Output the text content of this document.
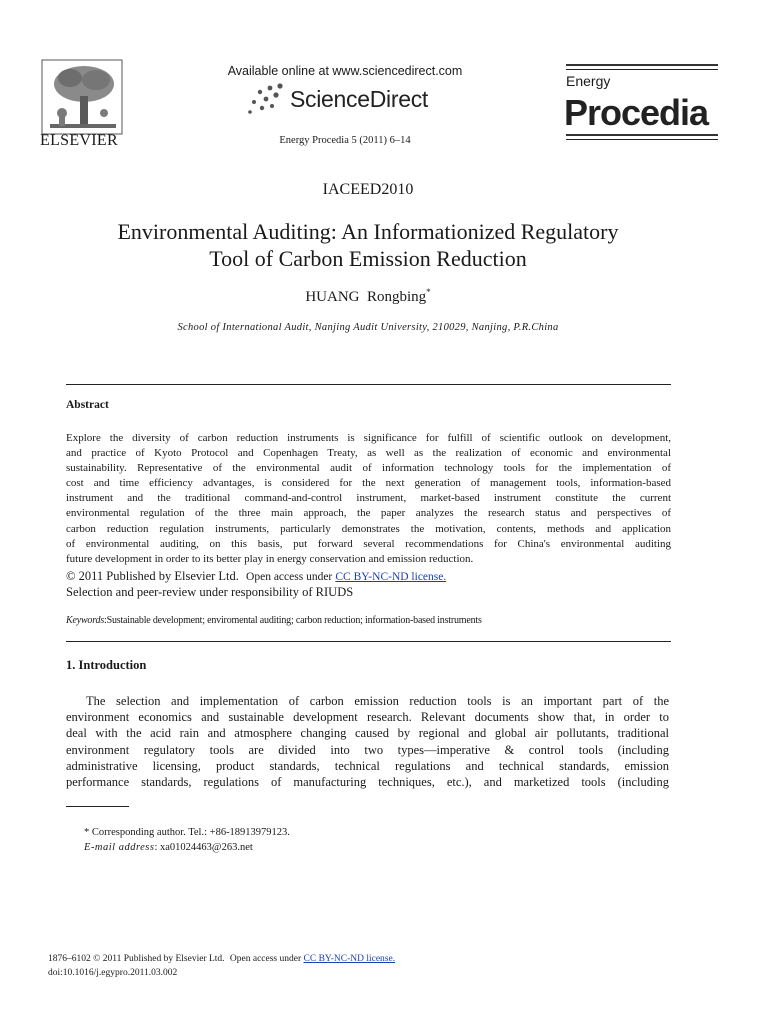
ELSEVIER
Available online at www.sciencedirect.com
ScienceDirect
Energy Procedia 5 (2011) 6–14
Energy
Procedia
IACEED2010
Environmental Auditing: An Informationized Regulatory
Tool of Carbon Emission Reduction
HUANG  Rongbing*
School of International Audit, Nanjing Audit University, 210029, Nanjing, P.R.China
Abstract
Explore the diversity of carbon reduction instruments is significance for fulfill of scientific outlook on development,
and practice of Kyoto Protocol and Copenhagen Treaty, as well as the realization of economic and environmental
sustainability. Representative of the environmental audit of information technology tools for the implementation of
cost and time efficiency advantages, is considered for the next generation of management tools, information-based
instrument and the traditional command-and-control instrument, market-based instrument constitute the current
environmental regulation of the three main approach, the paper analyzes the research status and perspectives of
carbon reduction regulation instruments, particularly demonstrates the motivation, contents, methods and application
of environmental auditing, on this basis, put forward several recommendations for China's environmental auditing
future development in order to its better play in energy conservation and emission reduction.
© 2011 Published by Elsevier Ltd. Open access under CC BY-NC-ND license.
Selection and peer-review under responsibility of RIUDS
Keywords:Sustainable development; enviromental auditing; carbon reduction; information-based instruments
1. Introduction
The selection and implementation of carbon emission reduction tools is an important part of the
environment economics and sustainable development research. Relevant documents show that, in order to
deal with the acid rain and atmosphere changing caused by regional and global air pollutants, traditional
environment regulatory tools are divided into two types—imperative & control tools (including
administrative licensing, product standards, technical regulations and technical standards, emission
performance standards, regulations of manufacturing techniques, etc.), and marketized tools (including
* Corresponding author. Tel.: +86-18913979123.
E-mail address: xa01024463@263.net
1876–6102 © 2011 Published by Elsevier Ltd. Open access under CC BY-NC-ND license.
doi:10.1016/j.egypro.2011.03.002
